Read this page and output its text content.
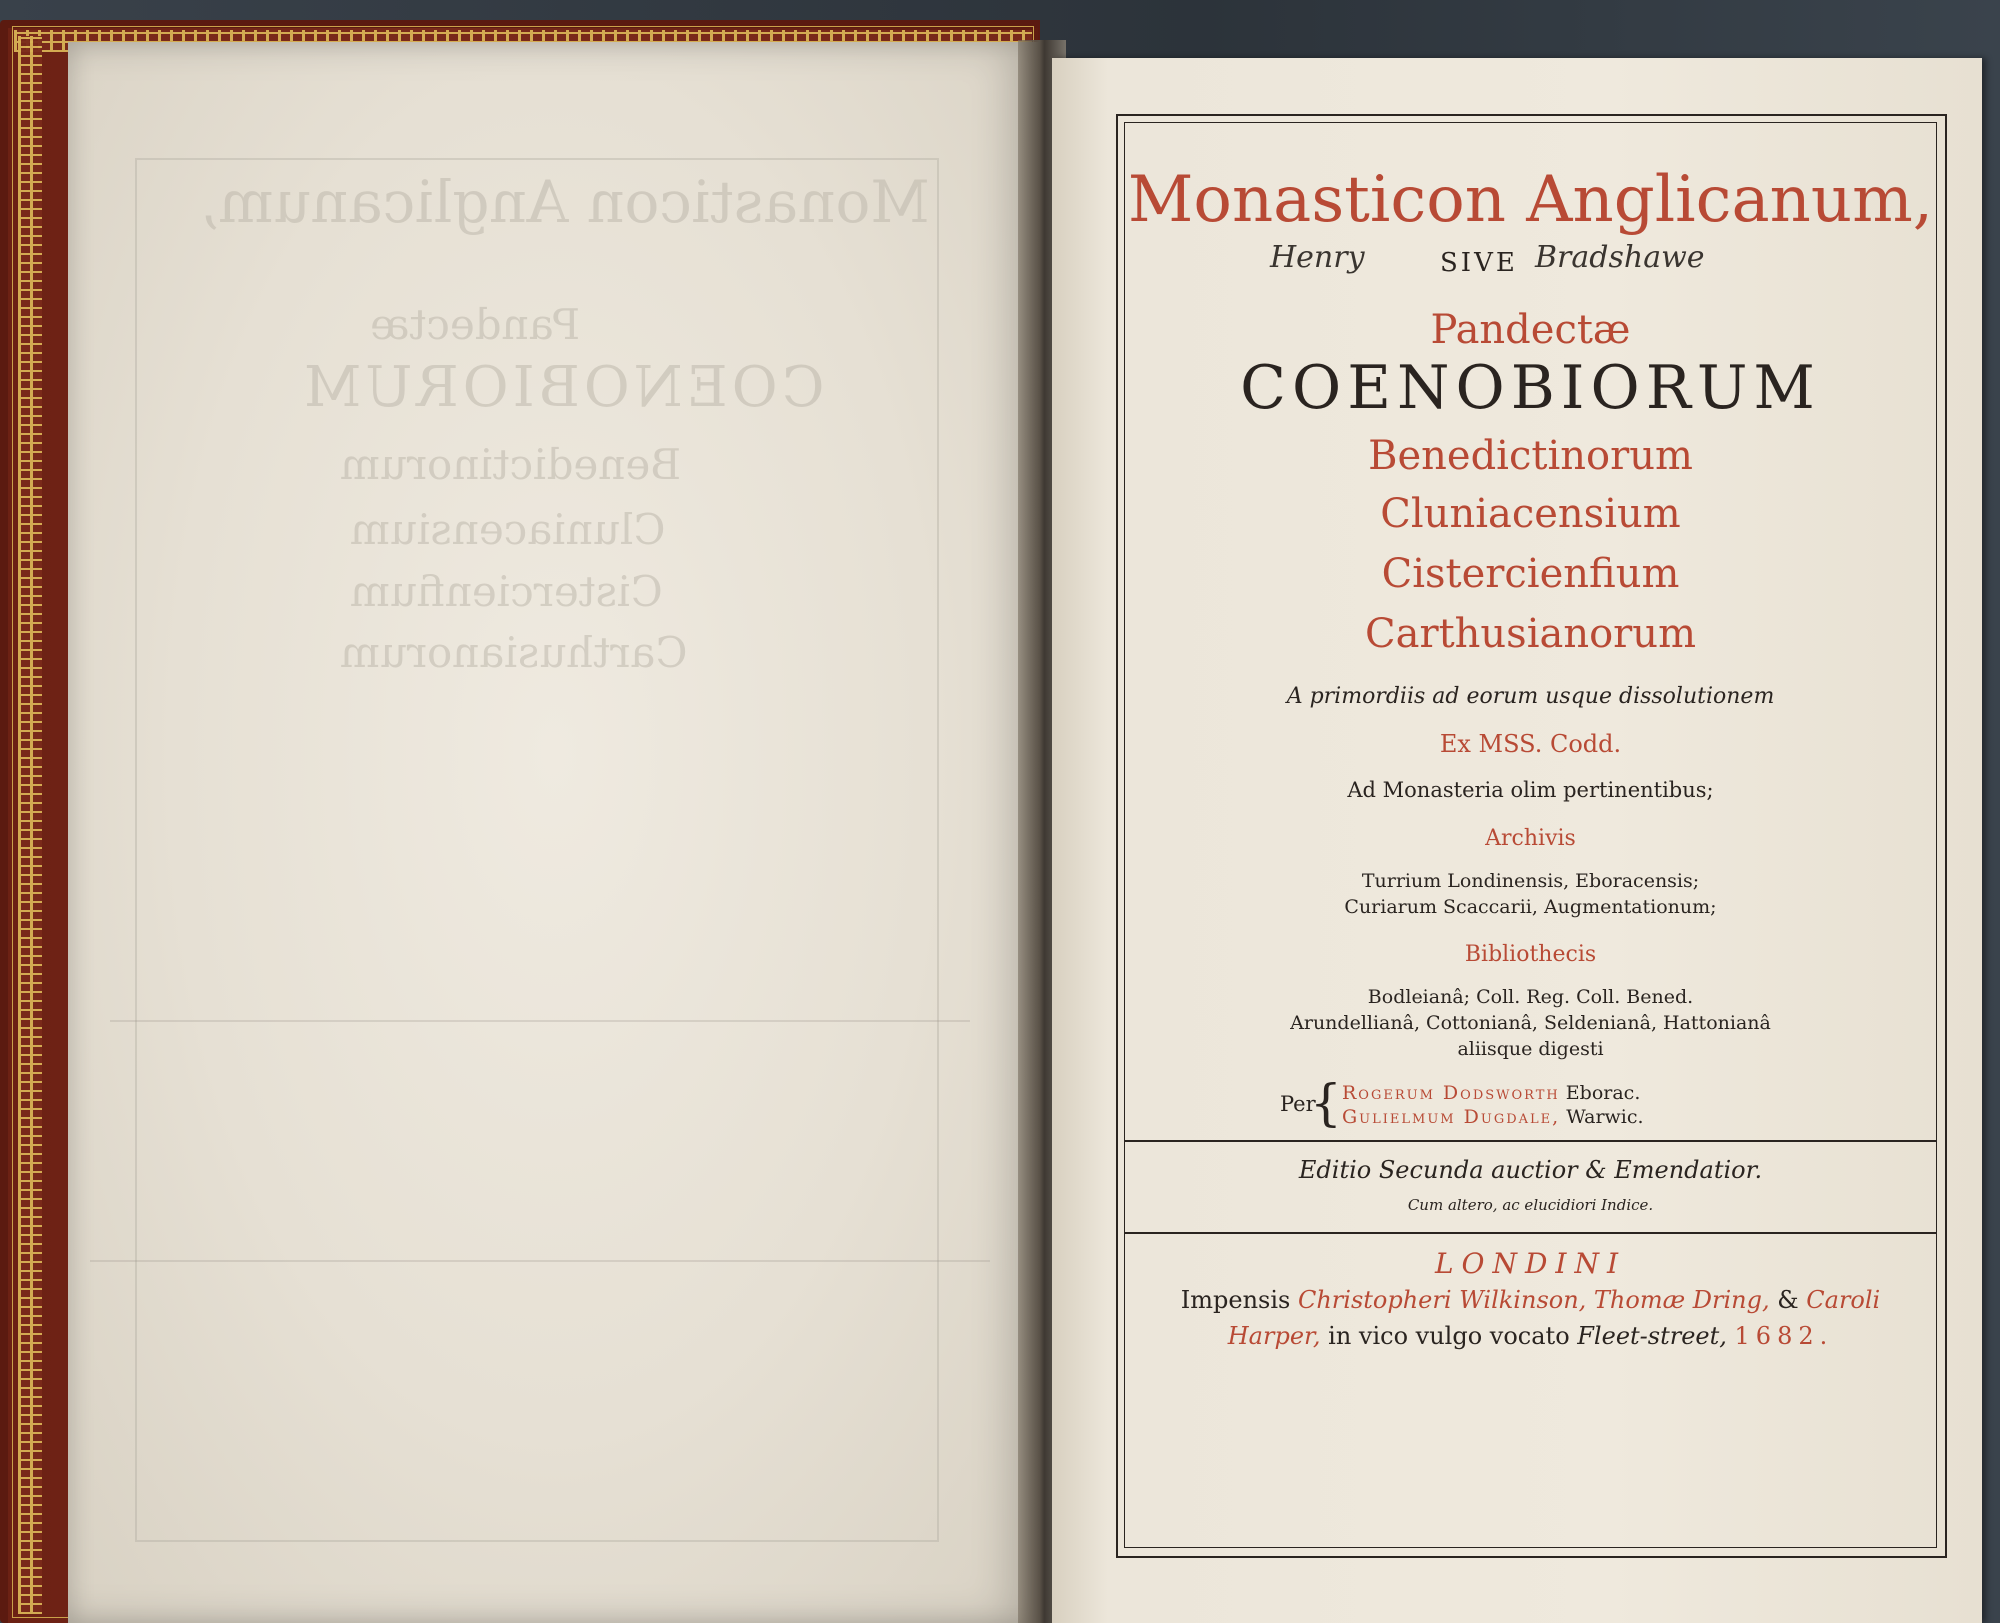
Monasticon Anglicanum,
Pandectæ
COENOBIORUM
Benedictinorum
Cluniacensium
Cistercienfium
Carthusianorum
Monasticon Anglicanum,
Henry	SIVE Bradshawe
Pandectæ
COENOBIORUM
Benedictinorum
Cluniacensium
Cistercienfium
Carthusianorum
A primordiis ad eorum usque dissolutionem
Ex MSS. Codd.
Ad Monasteria olim pertinentibus;
Archivis
Turrium Londinensis, Eboracensis;
Curiarum Scaccarii, Augmentationum;
Bibliothecis
Bodleianâ; Coll. Reg. Coll. Bened.
Arundellianâ, Cottonianâ, Seldenianâ, Hattonianâ
aliisque digesti
Per
{ Rogerum Dodsworth Eborac.
Gulielmum Dugdale, Warwic.
Editio Secunda auctior & Emendatior.
Cum altero, ac elucidiori Indice.
LONDINI
Impensis Christopheri Wilkinson, Thomæ Dring, & Caroli
Harper, in vico vulgo vocato Fleet-street, 1682.
